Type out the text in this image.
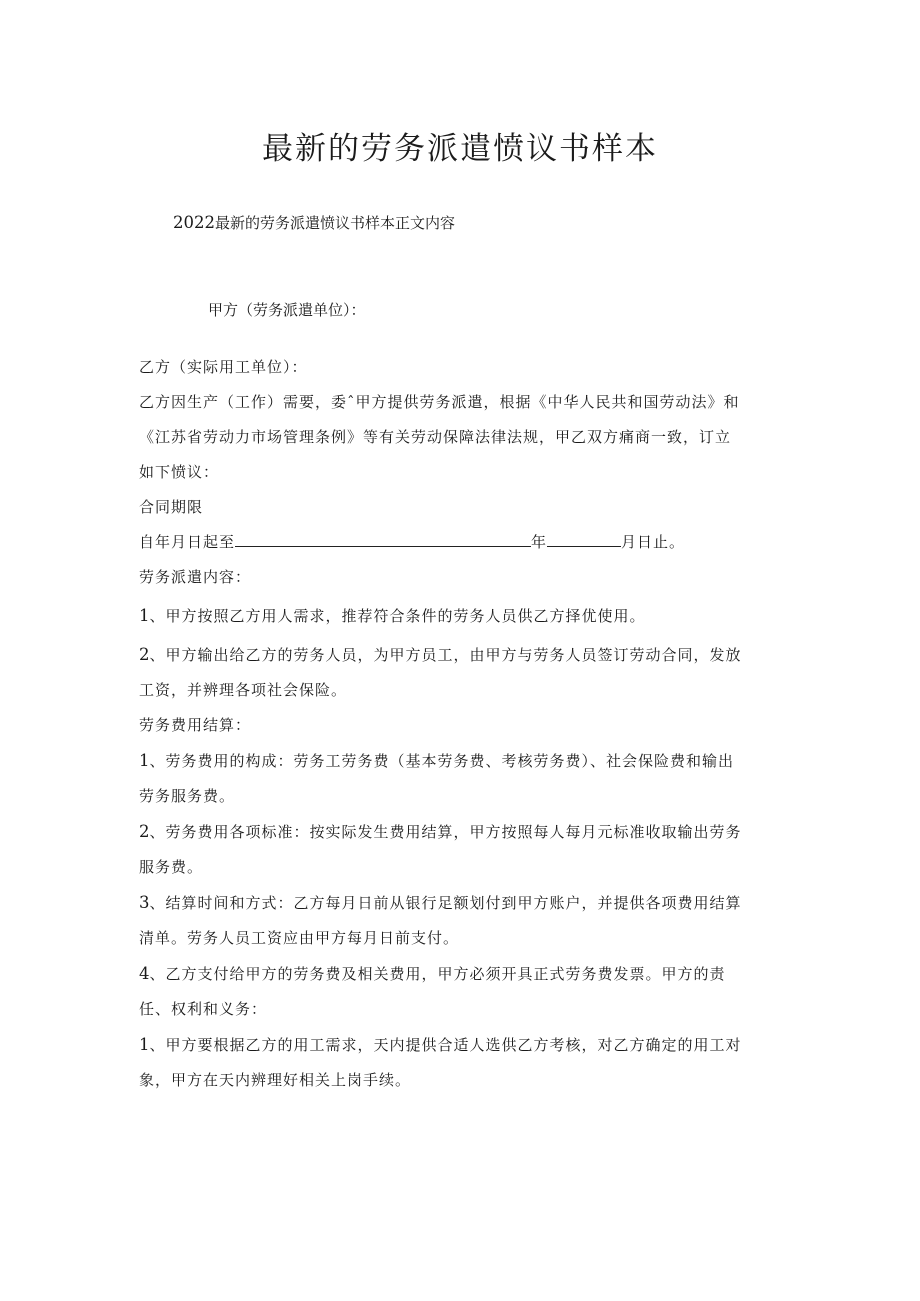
最新的劳务派遣愤议书样本
2022最新的劳务派遣愤议书样本正文内容
甲方（劳务派遣单位）：

乙方（实际用工单位）：

乙方因生产（工作）需要，委ˆ甲方提供劳务派遣，根据《中华人民共和国劳动法》和

《江苏省劳动力市场管理条例》等有关劳动保障法律法规，甲乙双方痛商一致，订立

如下愤议：

合同期限

自年月日起至	年	月日止。

劳务派遣内容：

1、甲方按照乙方用人需求，推荐符合条件的劳务人员供乙方择优使用。

2、甲方输出给乙方的劳务人员，为甲方员工，由甲方与劳务人员签订劳动合同，发放

工资，并辨理各项社会保险。

劳务费用结算：

1、劳务费用的构成：劳务工劳务费（基本劳务费、考核劳务费）、社会保险费和输出

劳务服务费。

2、劳务费用各项标准：按实际发生费用结算，甲方按照每人每月元标准收取输出劳务

服务费。

3、结算时间和方式：乙方每月日前从银行足额划付到甲方账户，并提供各项费用结算

清单。劳务人员工资应由甲方每月日前支付。

4、乙方支付给甲方的劳务费及相关费用，甲方必须开具正式劳务费发票。甲方的责

任、权利和义务：

1、甲方要根据乙方的用工需求，天内提供合适人选供乙方考核，对乙方确定的用工对

象，甲方在天内辨理好相关上岗手续。
